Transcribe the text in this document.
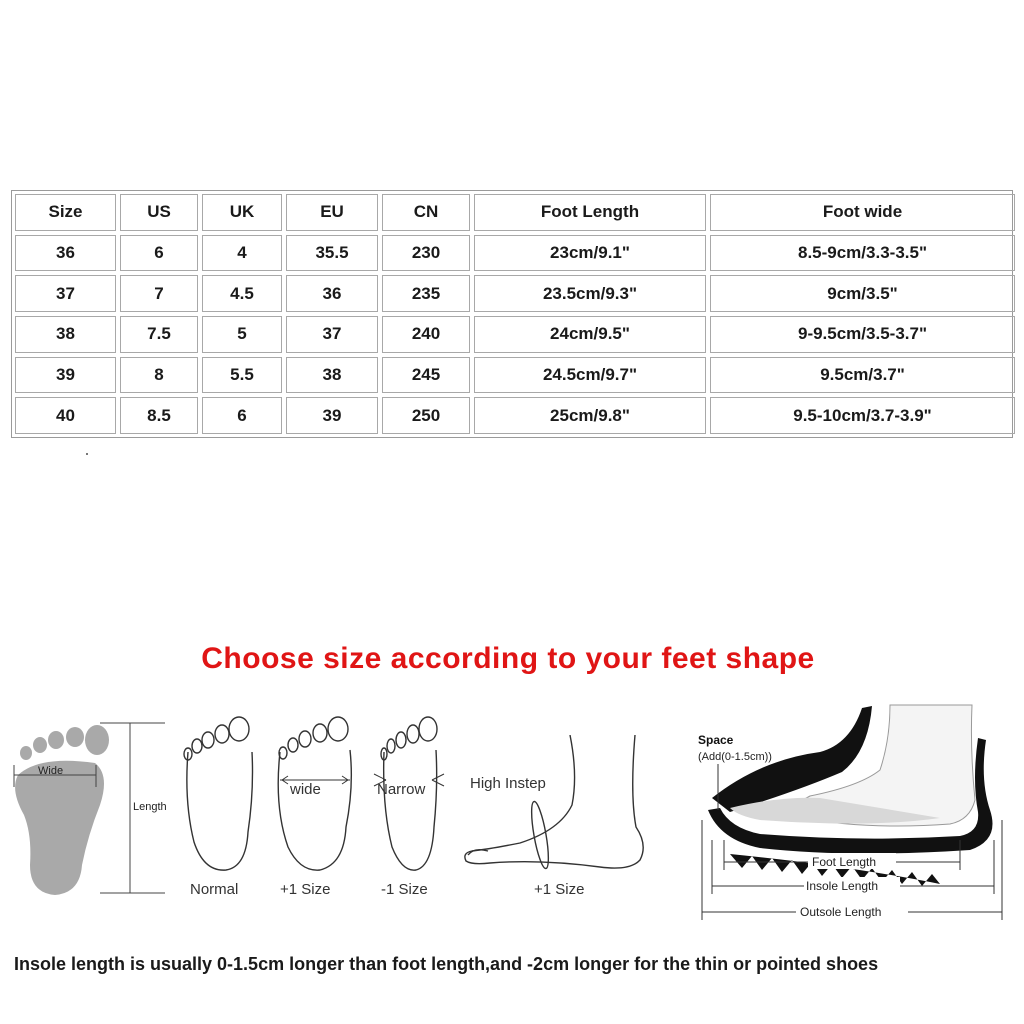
Size	US	UK	EU	CN	Foot Length	Foot wide
36	6	4	35.5	230	23cm/9.1"	8.5-9cm/3.3-3.5"
37	7	4.5	36	235	23.5cm/9.3"	9cm/3.5"
38	7.5	5	37	240	24cm/9.5"	9-9.5cm/3.5-3.7"
39	8	5.5	38	245	24.5cm/9.7"	9.5cm/3.7"
40	8.5	6	39	250	25cm/9.8"	9.5-10cm/3.7-3.9"
Choose size according to your feet shape
Wide
Length
Normal
wide
+1 Size
Narrow
-1 Size
High Instep
+1 Size
Space
(Add(0-1.5cm))
Foot Length
Insole Length
Outsole Length
Insole length is usually 0-1.5cm longer than foot length,and -2cm longer for the thin or pointed shoes
